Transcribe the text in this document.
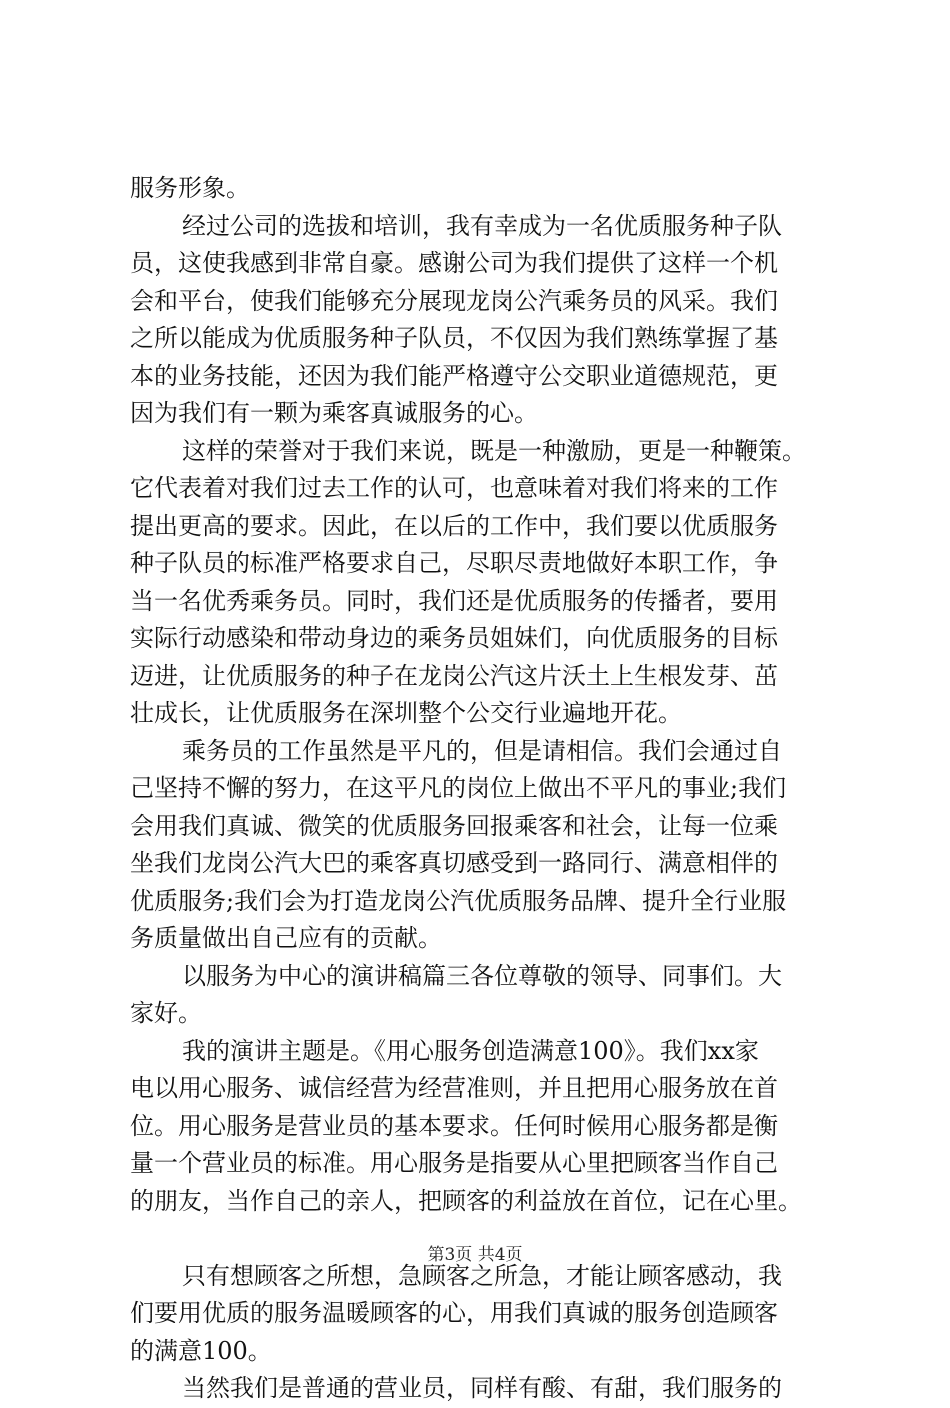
服务形象。
经过公司的选拔和培训，我有幸成为一名优质服务种子队
员，这使我感到非常自豪。感谢公司为我们提供了这样一个机
会和平台，使我们能够充分展现龙岗公汽乘务员的风采。我们
之所以能成为优质服务种子队员，不仅因为我们熟练掌握了基
本的业务技能，还因为我们能严格遵守公交职业道德规范，更
因为我们有一颗为乘客真诚服务的心。
这样的荣誉对于我们来说，既是一种激励，更是一种鞭策。
它代表着对我们过去工作的认可，也意味着对我们将来的工作
提出更高的要求。因此，在以后的工作中，我们要以优质服务
种子队员的标准严格要求自己，尽职尽责地做好本职工作，争
当一名优秀乘务员。同时，我们还是优质服务的传播者，要用
实际行动感染和带动身边的乘务员姐妹们，向优质服务的目标
迈进，让优质服务的种子在龙岗公汽这片沃土上生根发芽、茁
壮成长，让优质服务在深圳整个公交行业遍地开花。
乘务员的工作虽然是平凡的，但是请相信。我们会通过自
己坚持不懈的努力，在这平凡的岗位上做出不平凡的事业;我们
会用我们真诚、微笑的优质服务回报乘客和社会，让每一位乘
坐我们龙岗公汽大巴的乘客真切感受到一路同行、满意相伴的
优质服务;我们会为打造龙岗公汽优质服务品牌、提升全行业服
务质量做出自己应有的贡献。
以服务为中心的演讲稿篇三各位尊敬的领导、同事们。大
家好。
我的演讲主题是。《用心服务创造满意100》。我们xx家
电以用心服务、诚信经营为经营准则，并且把用心服务放在首
位。用心服务是营业员的基本要求。任何时候用心服务都是衡
量一个营业员的标准。用心服务是指要从心里把顾客当作自己
的朋友，当作自己的亲人，把顾客的利益放在首位，记在心里。
只有想顾客之所想，急顾客之所急，才能让顾客感动，我
们要用优质的服务温暖顾客的心，用我们真诚的服务创造顾客
的满意100。
当然我们是普通的营业员，同样有酸、有甜，我们服务的
第3页 共4页
